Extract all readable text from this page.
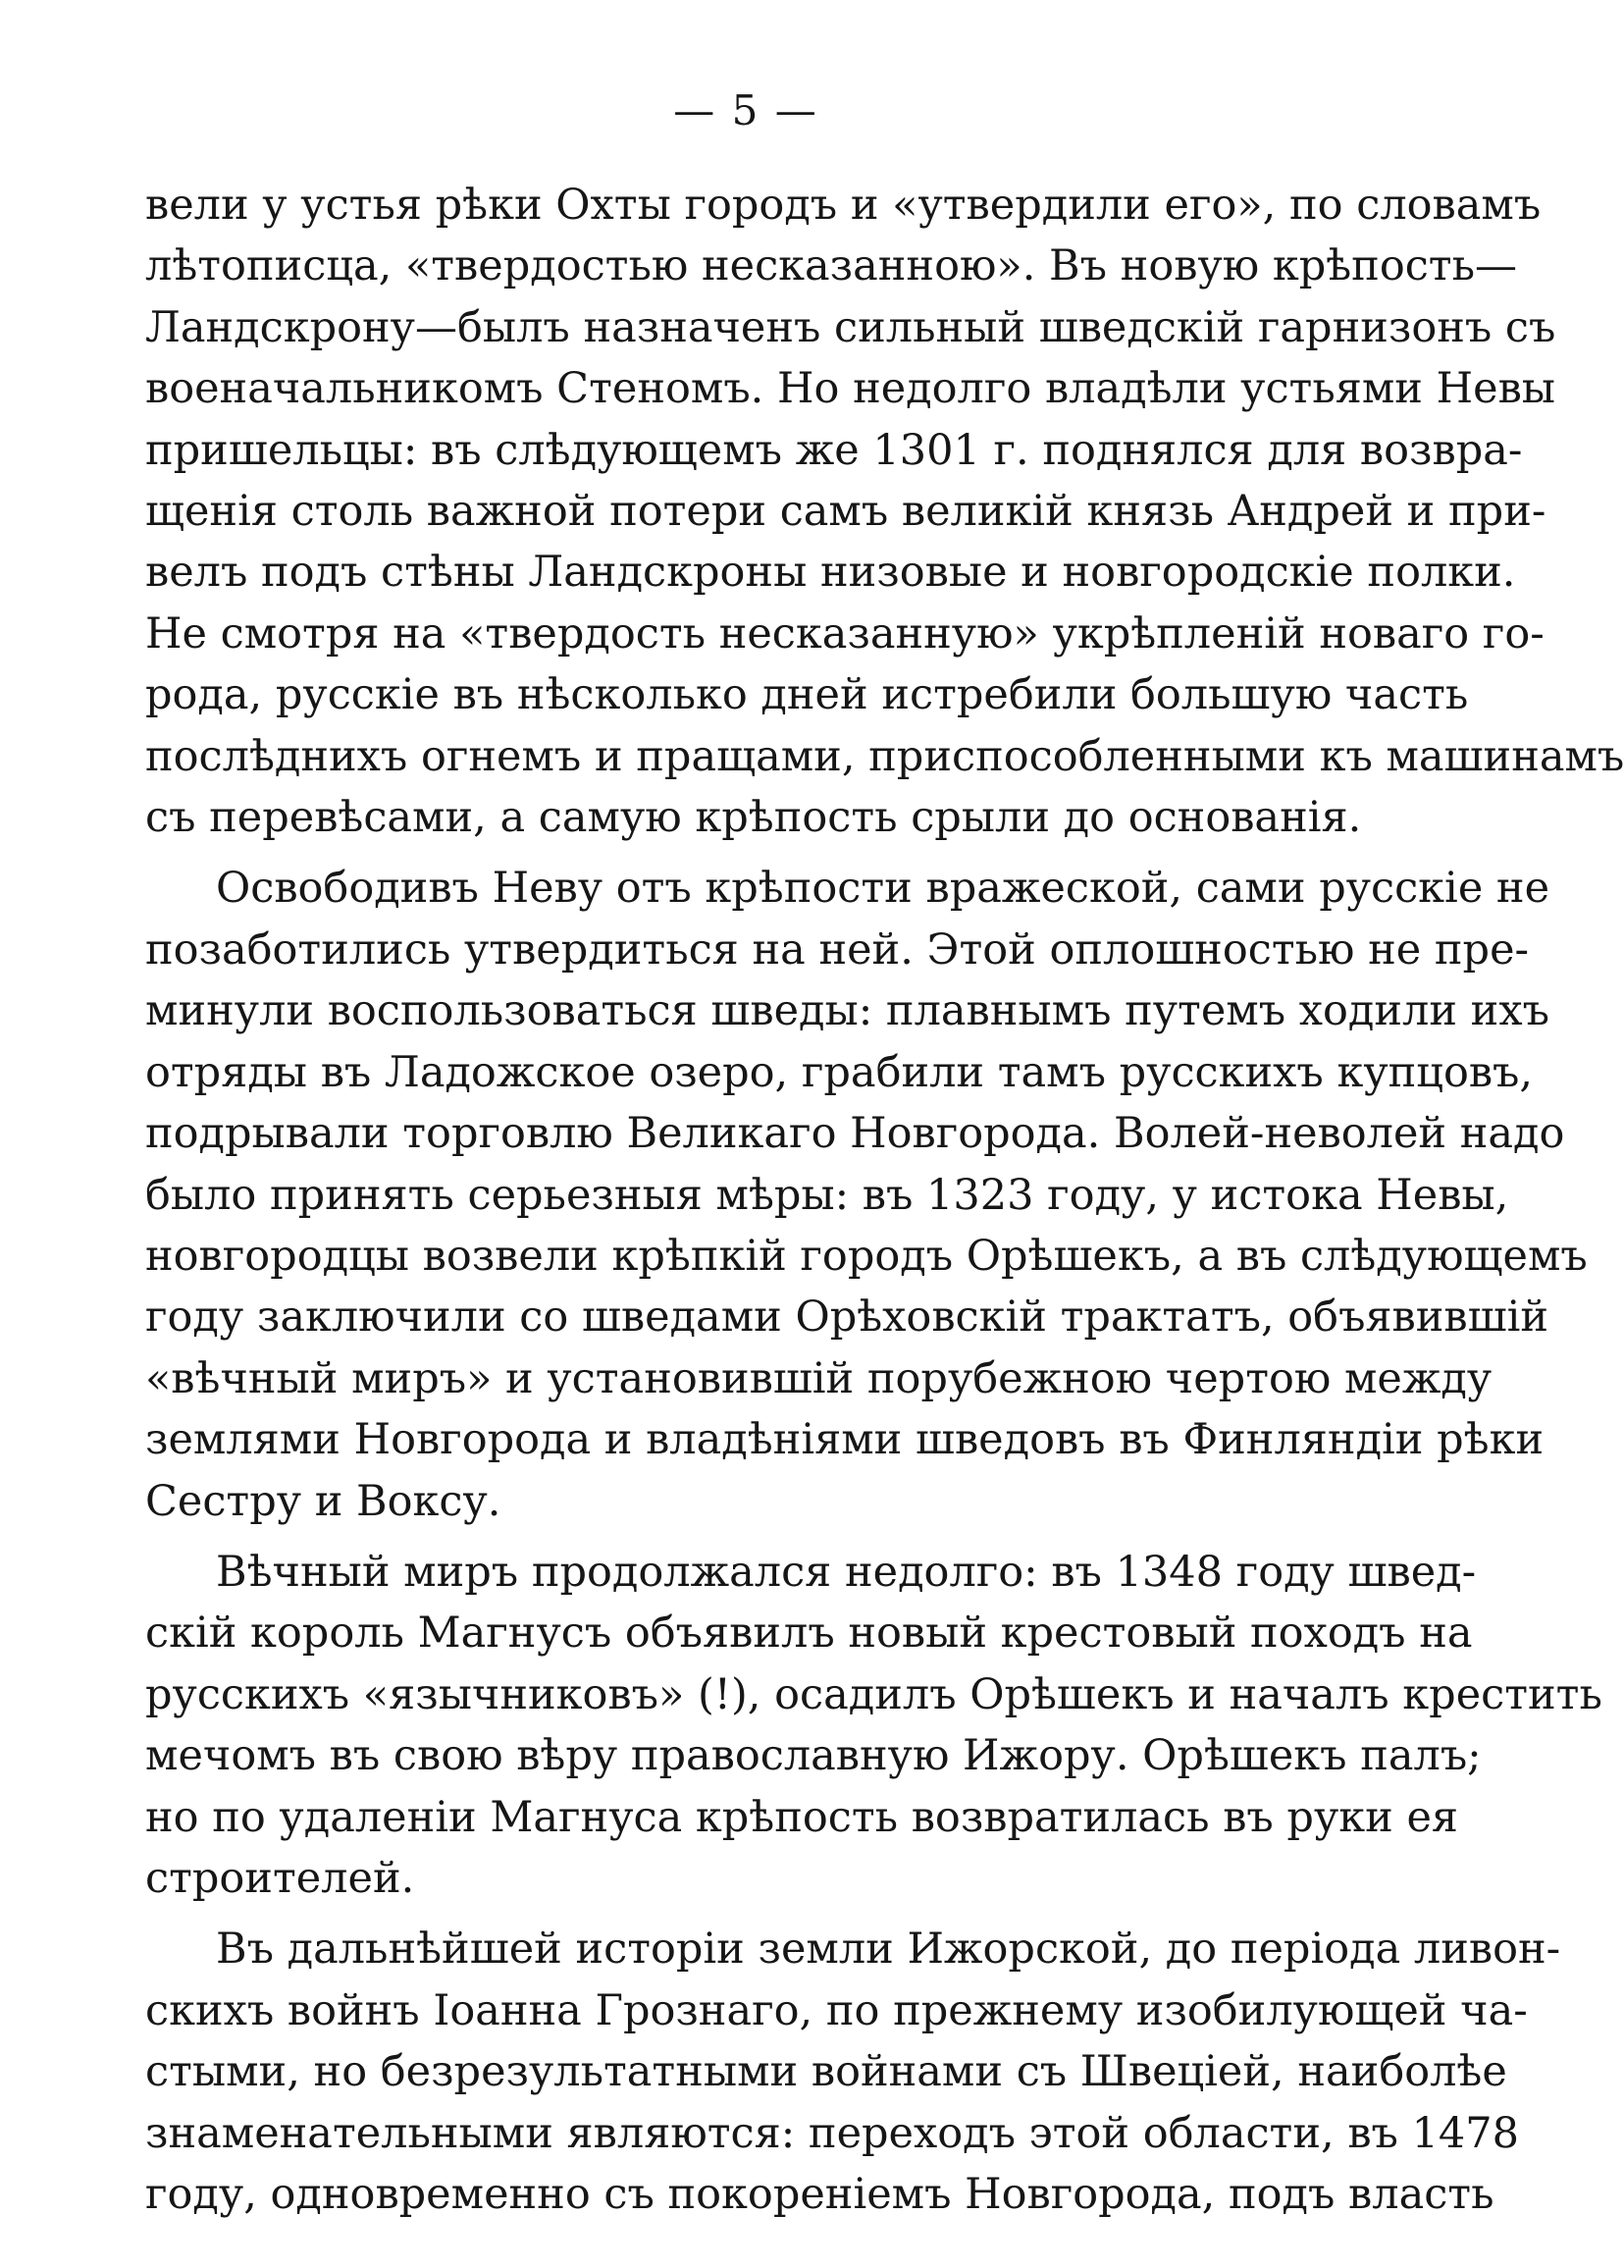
— 5 —

вели у устья рѣки Охты городъ и «утвердили его», по словамъ
лѣтописца, «твердостью несказанною». Въ новую крѣпость—
Ландскрону—былъ назначенъ сильный шведскій гарнизонъ съ
военачальникомъ Стеномъ. Но недолго владѣли устьями Невы
пришельцы: въ слѣдующемъ же 1301 г. поднялся для возвра-
щенія столь важной потери самъ великій князь Андрей и при-
велъ подъ стѣны Ландскроны низовые и новгородскіе полки.
Не смотря на «твердость несказанную» укрѣпленій новаго го-
рода, русскіе въ нѣсколько дней истребили большую часть
послѣднихъ огнемъ и пращами, приспособленными къ машинамъ
съ перевѣсами, а самую крѣпость срыли до основанія.

Освободивъ Неву отъ крѣпости вражеской, сами русскіе не
позаботились утвердиться на ней. Этой оплошностью не пре-
минули воспользоваться шведы: плавнымъ путемъ ходили ихъ
отряды въ Ладожское озеро, грабили тамъ русскихъ купцовъ,
подрывали торговлю Великаго Новгорода. Волей-неволей надо
было принять серьезныя мѣры: въ 1323 году, у истока Невы,
новгородцы возвели крѣпкій городъ Орѣшекъ, а въ слѣдующемъ
году заключили со шведами Орѣховскій трактатъ, объявившій
«вѣчный миръ» и установившій порубежною чертою между
землями Новгорода и владѣніями шведовъ въ Финляндіи рѣки
Сестру и Воксу.

Вѣчный миръ продолжался недолго: въ 1348 году швед-
скій король Магнусъ объявилъ новый крестовый походъ на
русскихъ «язычниковъ» (!), осадилъ Орѣшекъ и началъ крестить
мечомъ въ свою вѣру православную Ижору. Орѣшекъ палъ;
но по удаленіи Магнуса крѣпость возвратилась въ руки ея
строителей.

Въ дальнѣйшей исторіи земли Ижорской, до періода ливон-
скихъ войнъ Іоанна Грознаго, по прежнему изобилующей ча-
стыми, но безрезультатными войнами съ Швеціей, наиболѣе
знаменательными являются: переходъ этой области, въ 1478
году, одновременно съ покореніемъ Новгорода, подъ власть
